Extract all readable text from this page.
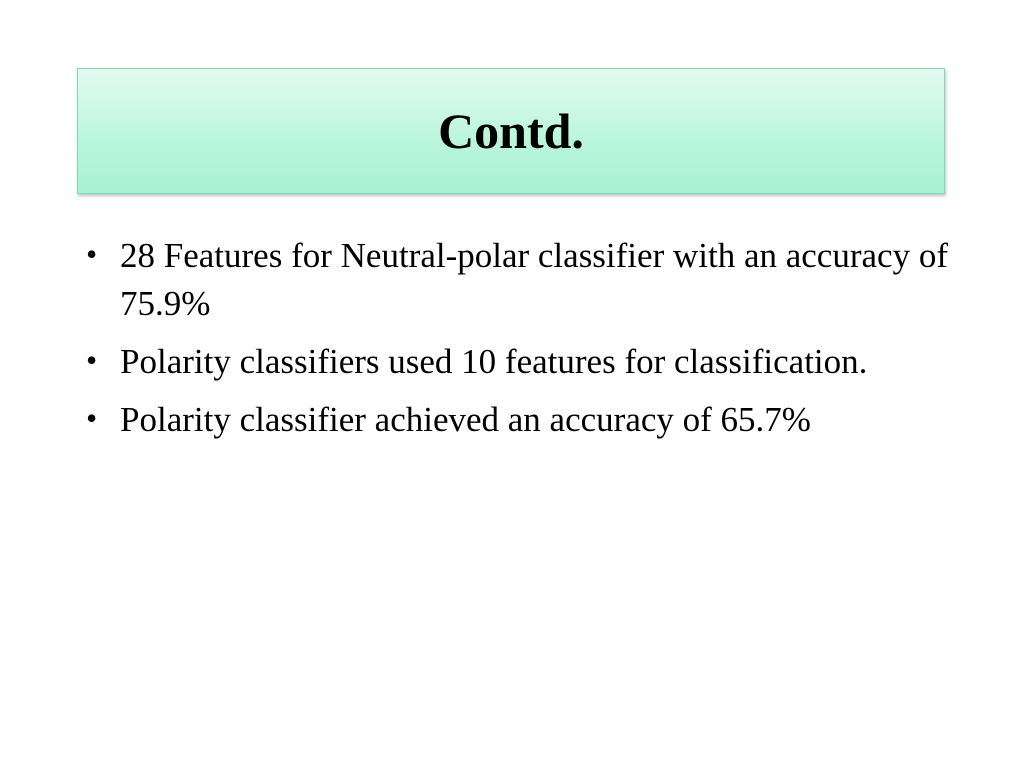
Contd.
• 28 Features for Neutral-polar classifier with an accuracy of 75.9%
• Polarity classifiers used 10 features for classification.
• Polarity classifier achieved an accuracy of 65.7%
